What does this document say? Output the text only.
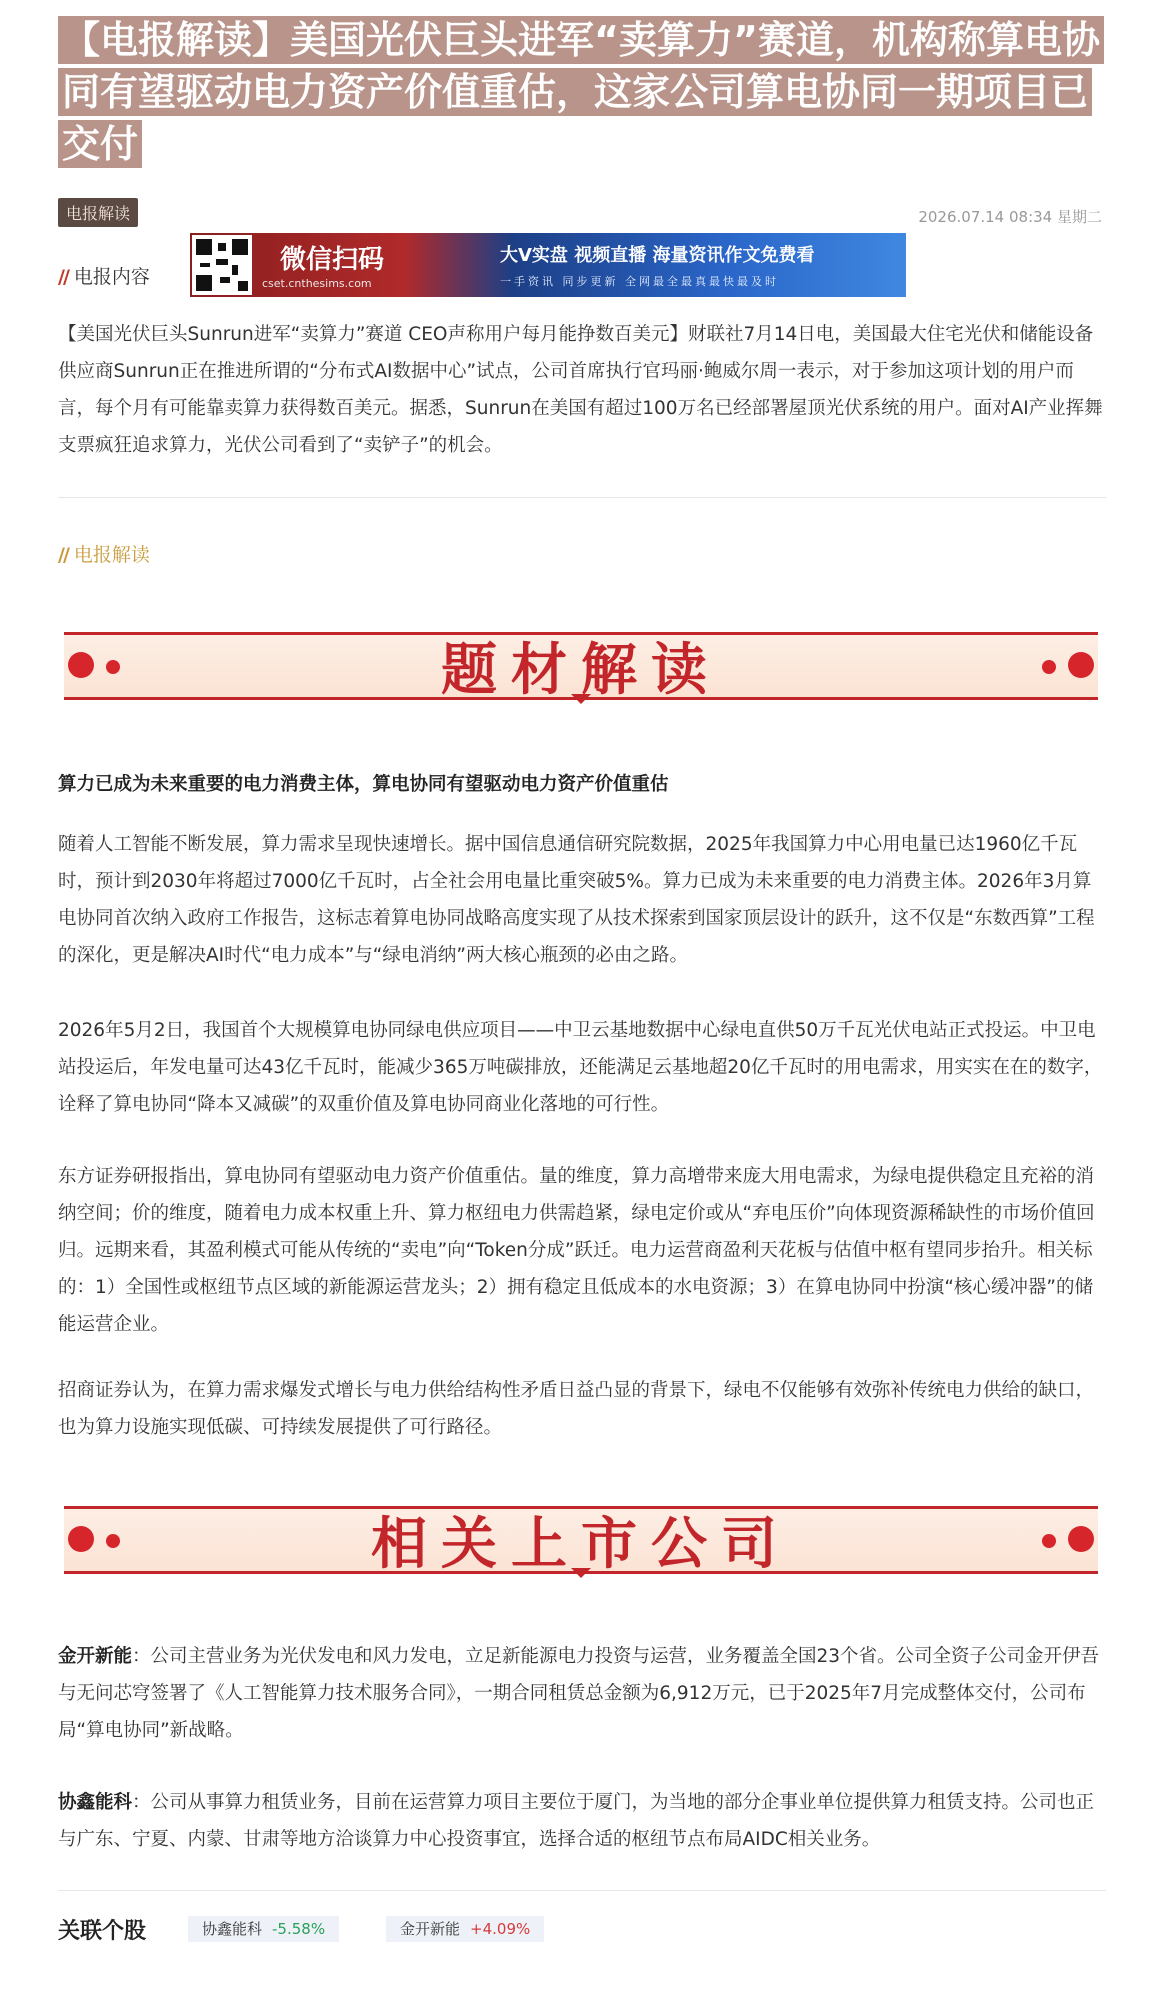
【电报解读】美国光伏巨头进军“卖算力”赛道，机构称算电协同有望驱动电力资产价值重估，这家公司算电协同一期项目已交付
电报解读	2026.07.14 08:34 星期二
// 电报内容
微信扫码
cset.cnthesims.com
大V实盘 视频直播 海量资讯作文免费看
一手资讯 同步更新 全网最全最真最快最及时
【美国光伏巨头Sunrun进军“卖算力”赛道 CEO声称用户每月能挣数百美元】财联社7月14日电，美国最大住宅光伏和储能设备供应商Sunrun正在推进所谓的“分布式AI数据中心”试点，公司首席执行官玛丽·鲍威尔周一表示，对于参加这项计划的用户而言，每个月有可能靠卖算力获得数百美元。据悉，Sunrun在美国有超过100万名已经部署屋顶光伏系统的用户。面对AI产业挥舞支票疯狂追求算力，光伏公司看到了“卖铲子”的机会。
// 电报解读
题材解读
算力已成为未来重要的电力消费主体，算电协同有望驱动电力资产价值重估
随着人工智能不断发展，算力需求呈现快速增长。据中国信息通信研究院数据，2025年我国算力中心用电量已达1960亿千瓦时，预计到2030年将超过7000亿千瓦时，占全社会用电量比重突破5%。算力已成为未来重要的电力消费主体。2026年3月算电协同首次纳入政府工作报告，这标志着算电协同战略高度实现了从技术探索到国家顶层设计的跃升，这不仅是“东数西算”工程的深化，更是解决AI时代“电力成本”与“绿电消纳”两大核心瓶颈的必由之路。
2026年5月2日，我国首个大规模算电协同绿电供应项目——中卫云基地数据中心绿电直供50万千瓦光伏电站正式投运。中卫电站投运后，年发电量可达43亿千瓦时，能减少365万吨碳排放，还能满足云基地超20亿千瓦时的用电需求，用实实在在的数字，诠释了算电协同“降本又减碳”的双重价值及算电协同商业化落地的可行性。
东方证券研报指出，算电协同有望驱动电力资产价值重估。量的维度，算力高增带来庞大用电需求，为绿电提供稳定且充裕的消纳空间；价的维度，随着电力成本权重上升、算力枢纽电力供需趋紧，绿电定价或从“弃电压价”向体现资源稀缺性的市场价值回归。远期来看，其盈利模式可能从传统的“卖电”向“Token分成”跃迁。电力运营商盈利天花板与估值中枢有望同步抬升。相关标的：1）全国性或枢纽节点区域的新能源运营龙头；2）拥有稳定且低成本的水电资源；3）在算电协同中扮演“核心缓冲器”的储能运营企业。
招商证券认为，在算力需求爆发式增长与电力供给结构性矛盾日益凸显的背景下，绿电不仅能够有效弥补传统电力供给的缺口，也为算力设施实现低碳、可持续发展提供了可行路径。
相关上市公司
金开新能：公司主营业务为光伏发电和风力发电，立足新能源电力投资与运营，业务覆盖全国23个省。公司全资子公司金开伊吾与无问芯穹签署了《人工智能算力技术服务合同》，一期合同租赁总金额为6,912万元，已于2025年7月完成整体交付，公司布局“算电协同”新战略。
协鑫能科：公司从事算力租赁业务，目前在运营算力项目主要位于厦门，为当地的部分企事业单位提供算力租赁支持。公司也正与广东、宁夏、内蒙、甘肃等地方洽谈算力中心投资事宜，选择合适的枢纽节点布局AIDC相关业务。
关联个股	协鑫能科 -5.58%	金开新能 +4.09%
